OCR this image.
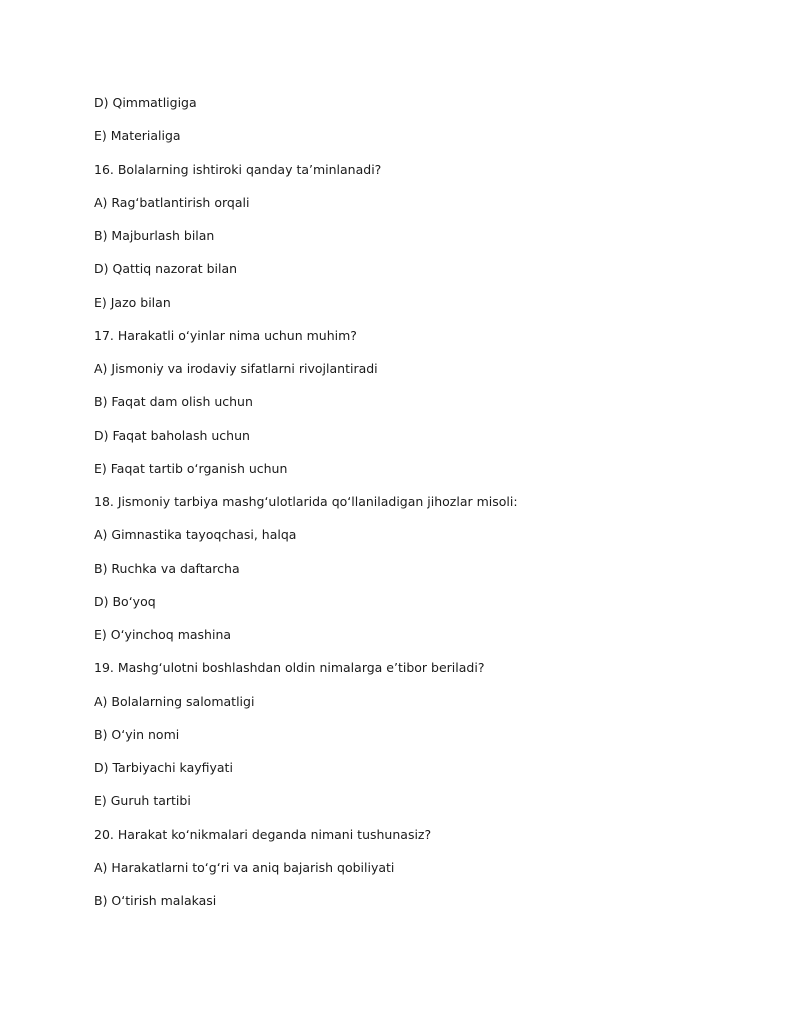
D) Qimmatligiga
E) Materialiga
16. Bolalarning ishtiroki qanday ta’minlanadi?
A) Rag‘batlantirish orqali
B) Majburlash bilan
D) Qattiq nazorat bilan
E) Jazo bilan
17. Harakatli o‘yinlar nima uchun muhim?
A) Jismoniy va irodaviy sifatlarni rivojlantiradi
B) Faqat dam olish uchun
D) Faqat baholash uchun
E) Faqat tartib o‘rganish uchun
18. Jismoniy tarbiya mashg‘ulotlarida qo‘llaniladigan jihozlar misoli:
A) Gimnastika tayoqchasi, halqa
B) Ruchka va daftarcha
D) Bo‘yoq
E) O‘yinchoq mashina
19. Mashg‘ulotni boshlashdan oldin nimalarga e’tibor beriladi?
A) Bolalarning salomatligi
B) O‘yin nomi
D) Tarbiyachi kayfiyati
E) Guruh tartibi
20. Harakat ko‘nikmalari deganda nimani tushunasiz?
A) Harakatlarni to‘g‘ri va aniq bajarish qobiliyati
B) O‘tirish malakasi
